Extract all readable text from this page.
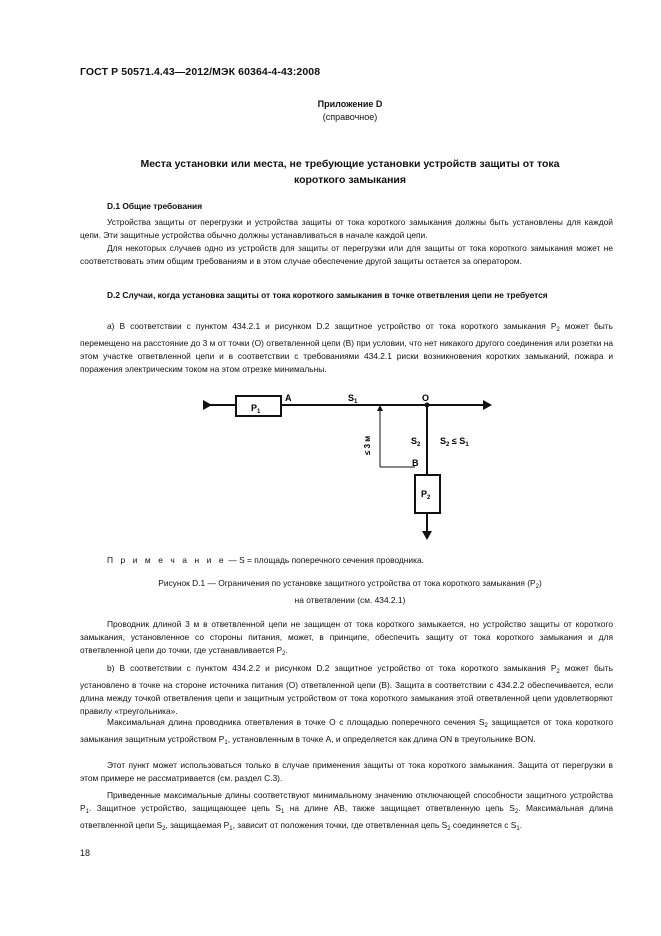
ГОСТ Р 50571.4.43—2012/МЭК 60364-4-43:2008
Приложение D
(справочное)
Места установки или места, не требующие установки устройств защиты от тока
короткого замыкания
D.1 Общие требования
Устройства защиты от перегрузки и устройства защиты от тока короткого замыкания должны быть установлены для каждой цепи. Эти защитные устройства обычно должны устанавливаться в начале каждой цепи.
Для некоторых случаев одно из устройств для защиты от перегрузки или для защиты от тока короткого замыкания может не соответствовать этим общим требованиям и в этом случае обеспечение другой защиты остается за оператором.
D.2 Случаи, когда установка защиты от тока короткого замыкания в точке ответвления цепи не требуется
а) В соответствии с пунктом 434.2.1 и рисунком D.2 защитное устройство от тока короткого замыкания $P_2$ может быть перемещено на расстояние до 3 м от точки (О) ответвленной цепи (В) при условии, что нет никакого другого соединения или розетки на этом участке ответвленной цепи и в соответствии с требованиями 434.2.1 риски возникновения коротких замыканий, пожара и поражения электрическим током на этом отрезке минимальны.
$P_1$
$P_2$
A	O
B
$S_1$
$S_2$ $S_2 \le S_1$
≤ 3 м
П р и м е ч а н и е — S = площадь поперечного сечения проводника.
Рисунок D.1 — Ограничения по установке защитного устройства от тока короткого замыкания $(P_2)$
на ответвлении (см. 434.2.1)
Проводник длиной 3 м в ответвленной цепи не защищен от тока короткого замыкается, но устройство защиты от короткого замыкания, установленное со стороны питания, может, в принципе, обеспечить защиту от тока короткого замыкания и для ответвленной цепи до точки, где устанавливается $P_2$.
b) В соответствии с пунктом 434.2.2 и рисунком D.2 защитное устройство от тока короткого замыкания $P_2$ может быть установлено в точке на стороне источника питания (О) ответвленной цепи (В). Защита в соответствии с 434.2.2 обеспечивается, если длина между точкой ответвления цепи и защитным устройством от тока короткого замыкания этой ответвленной цепи удовлетворяют правилу «треугольника».
Максимальная длина проводника ответвления в точке О с площадью поперечного сечения $S_2$ защищается от тока короткого замыкания защитным устройством $P_1$, установленным в точке А, и определяется как длина ON в треугольнике BON.
Этот пункт может использоваться только в случае применения защиты от тока короткого замыкания. Защита от перегрузки в этом примере не рассматривается (см. раздел С.3).
Приведенные максимальные длины соответствуют минимальному значению отключающей способности защитного устройства $P_1$. Защитное устройство, защищающее цепь $S_1$ на длине АВ, также защищает ответвленную цепь $S_2$. Максимальная длина ответвленной цепи $S_2$, защищаемая $P_1$, зависит от положения точки, где ответвленная цепь $S_2$ соединяется с $S_1$.
18
